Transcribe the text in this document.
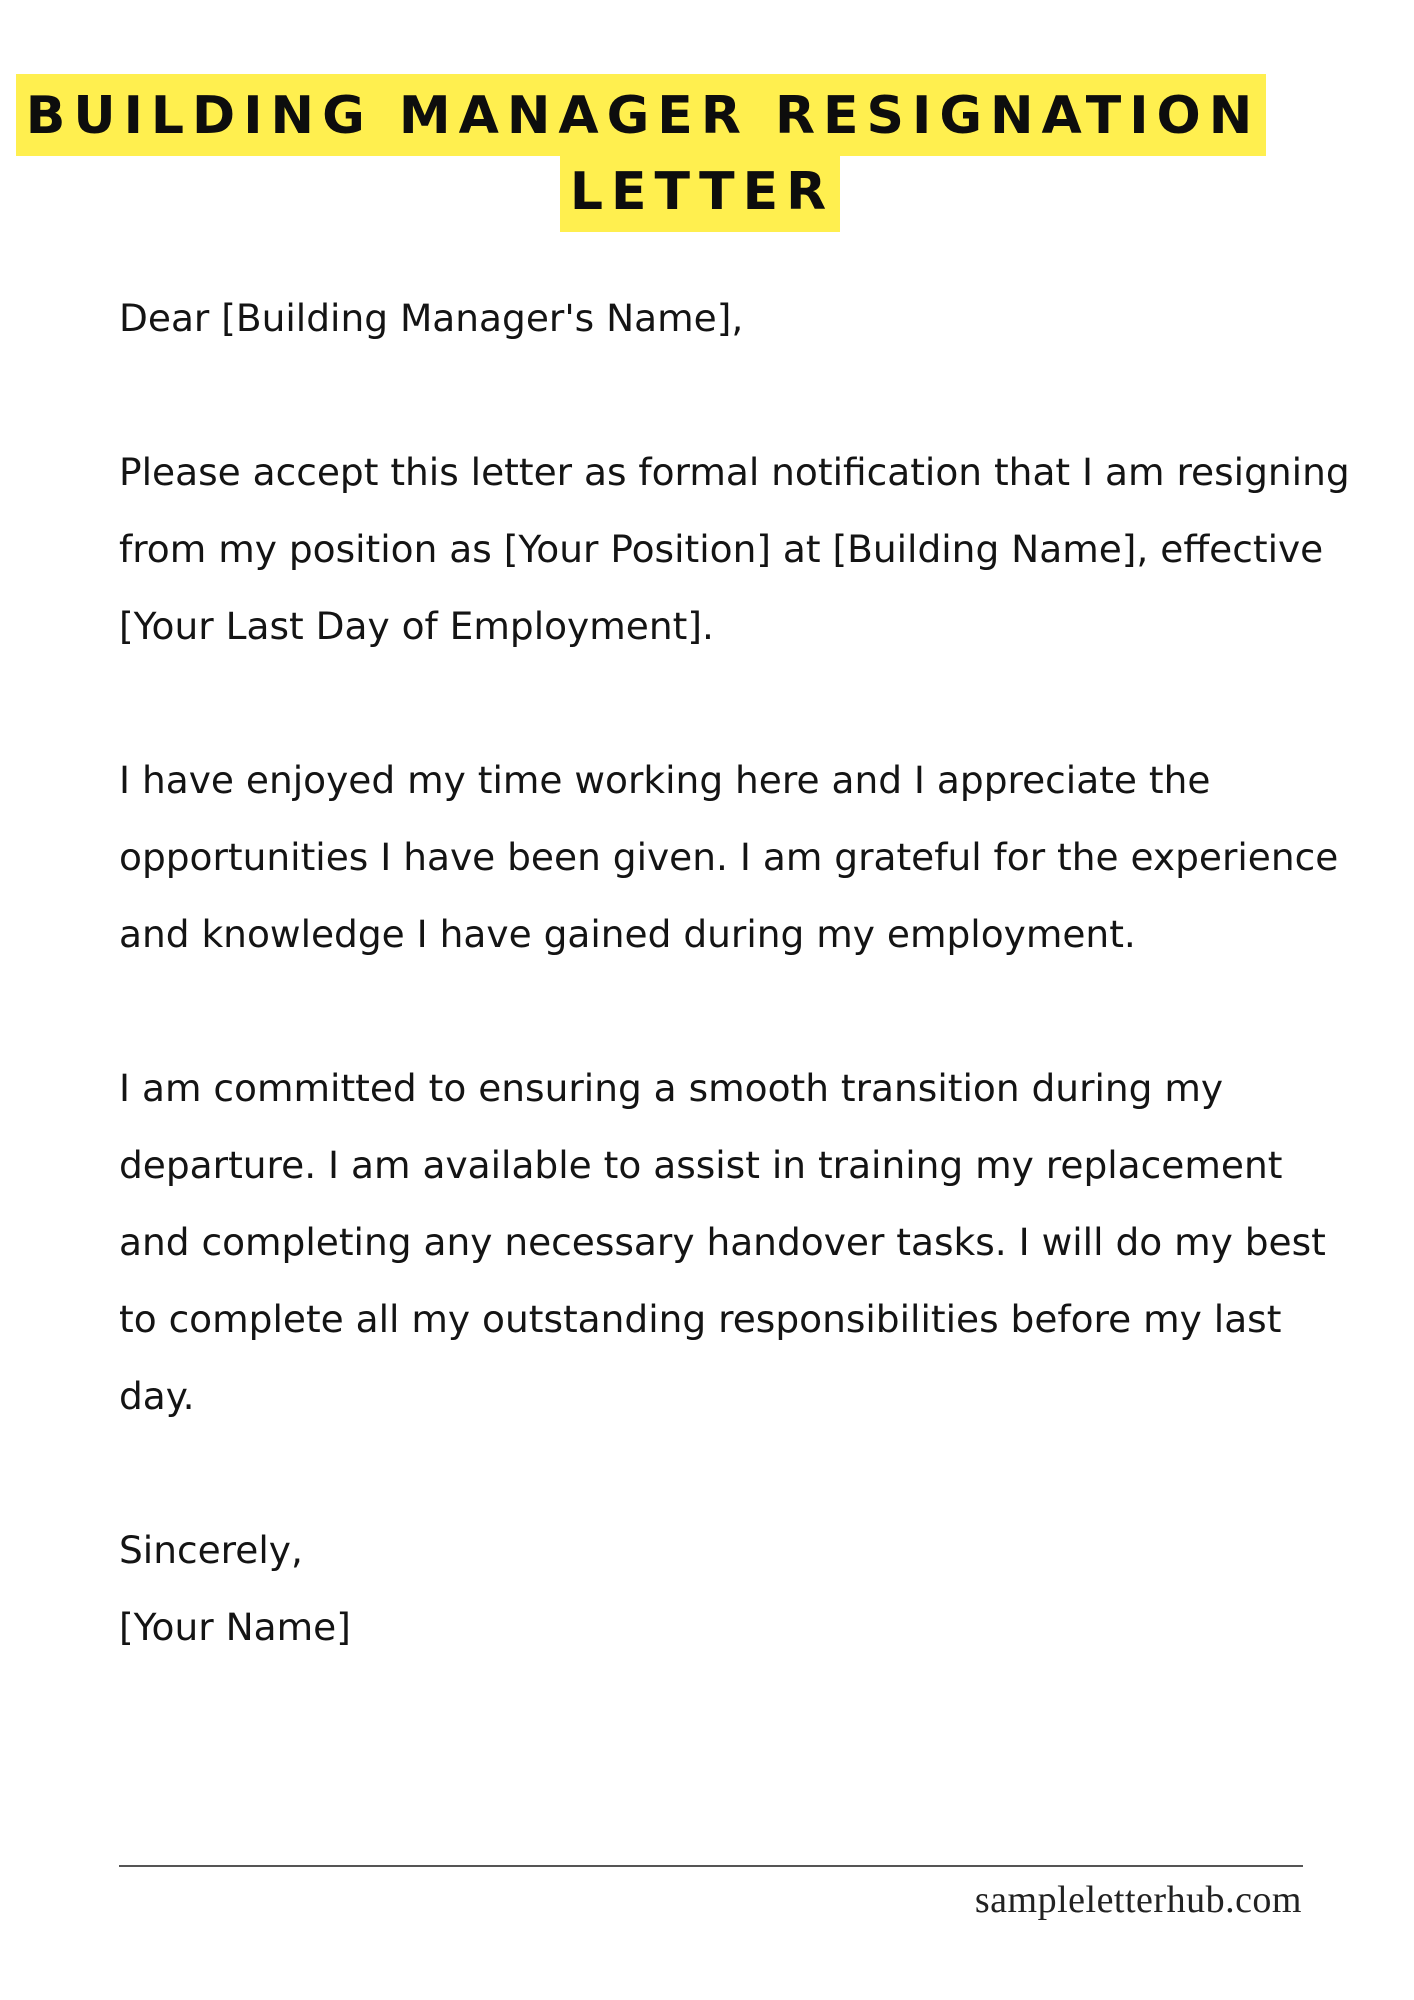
BUILDING MANAGER RESIGNATION
LETTER

Dear [Building Manager's Name],

Please accept this letter as formal notification that I am resigning from my position as [Your Position] at [Building Name], effective [Your Last Day of Employment].

I have enjoyed my time working here and I appreciate the opportunities I have been given. I am grateful for the experience and knowledge I have gained during my employment.

I am committed to ensuring a smooth transition during my departure. I am available to assist in training my replacement and completing any necessary handover tasks. I will do my best to complete all my outstanding responsibilities before my last day.

Sincerely,

[Your Name]

sampleletterhub.com
